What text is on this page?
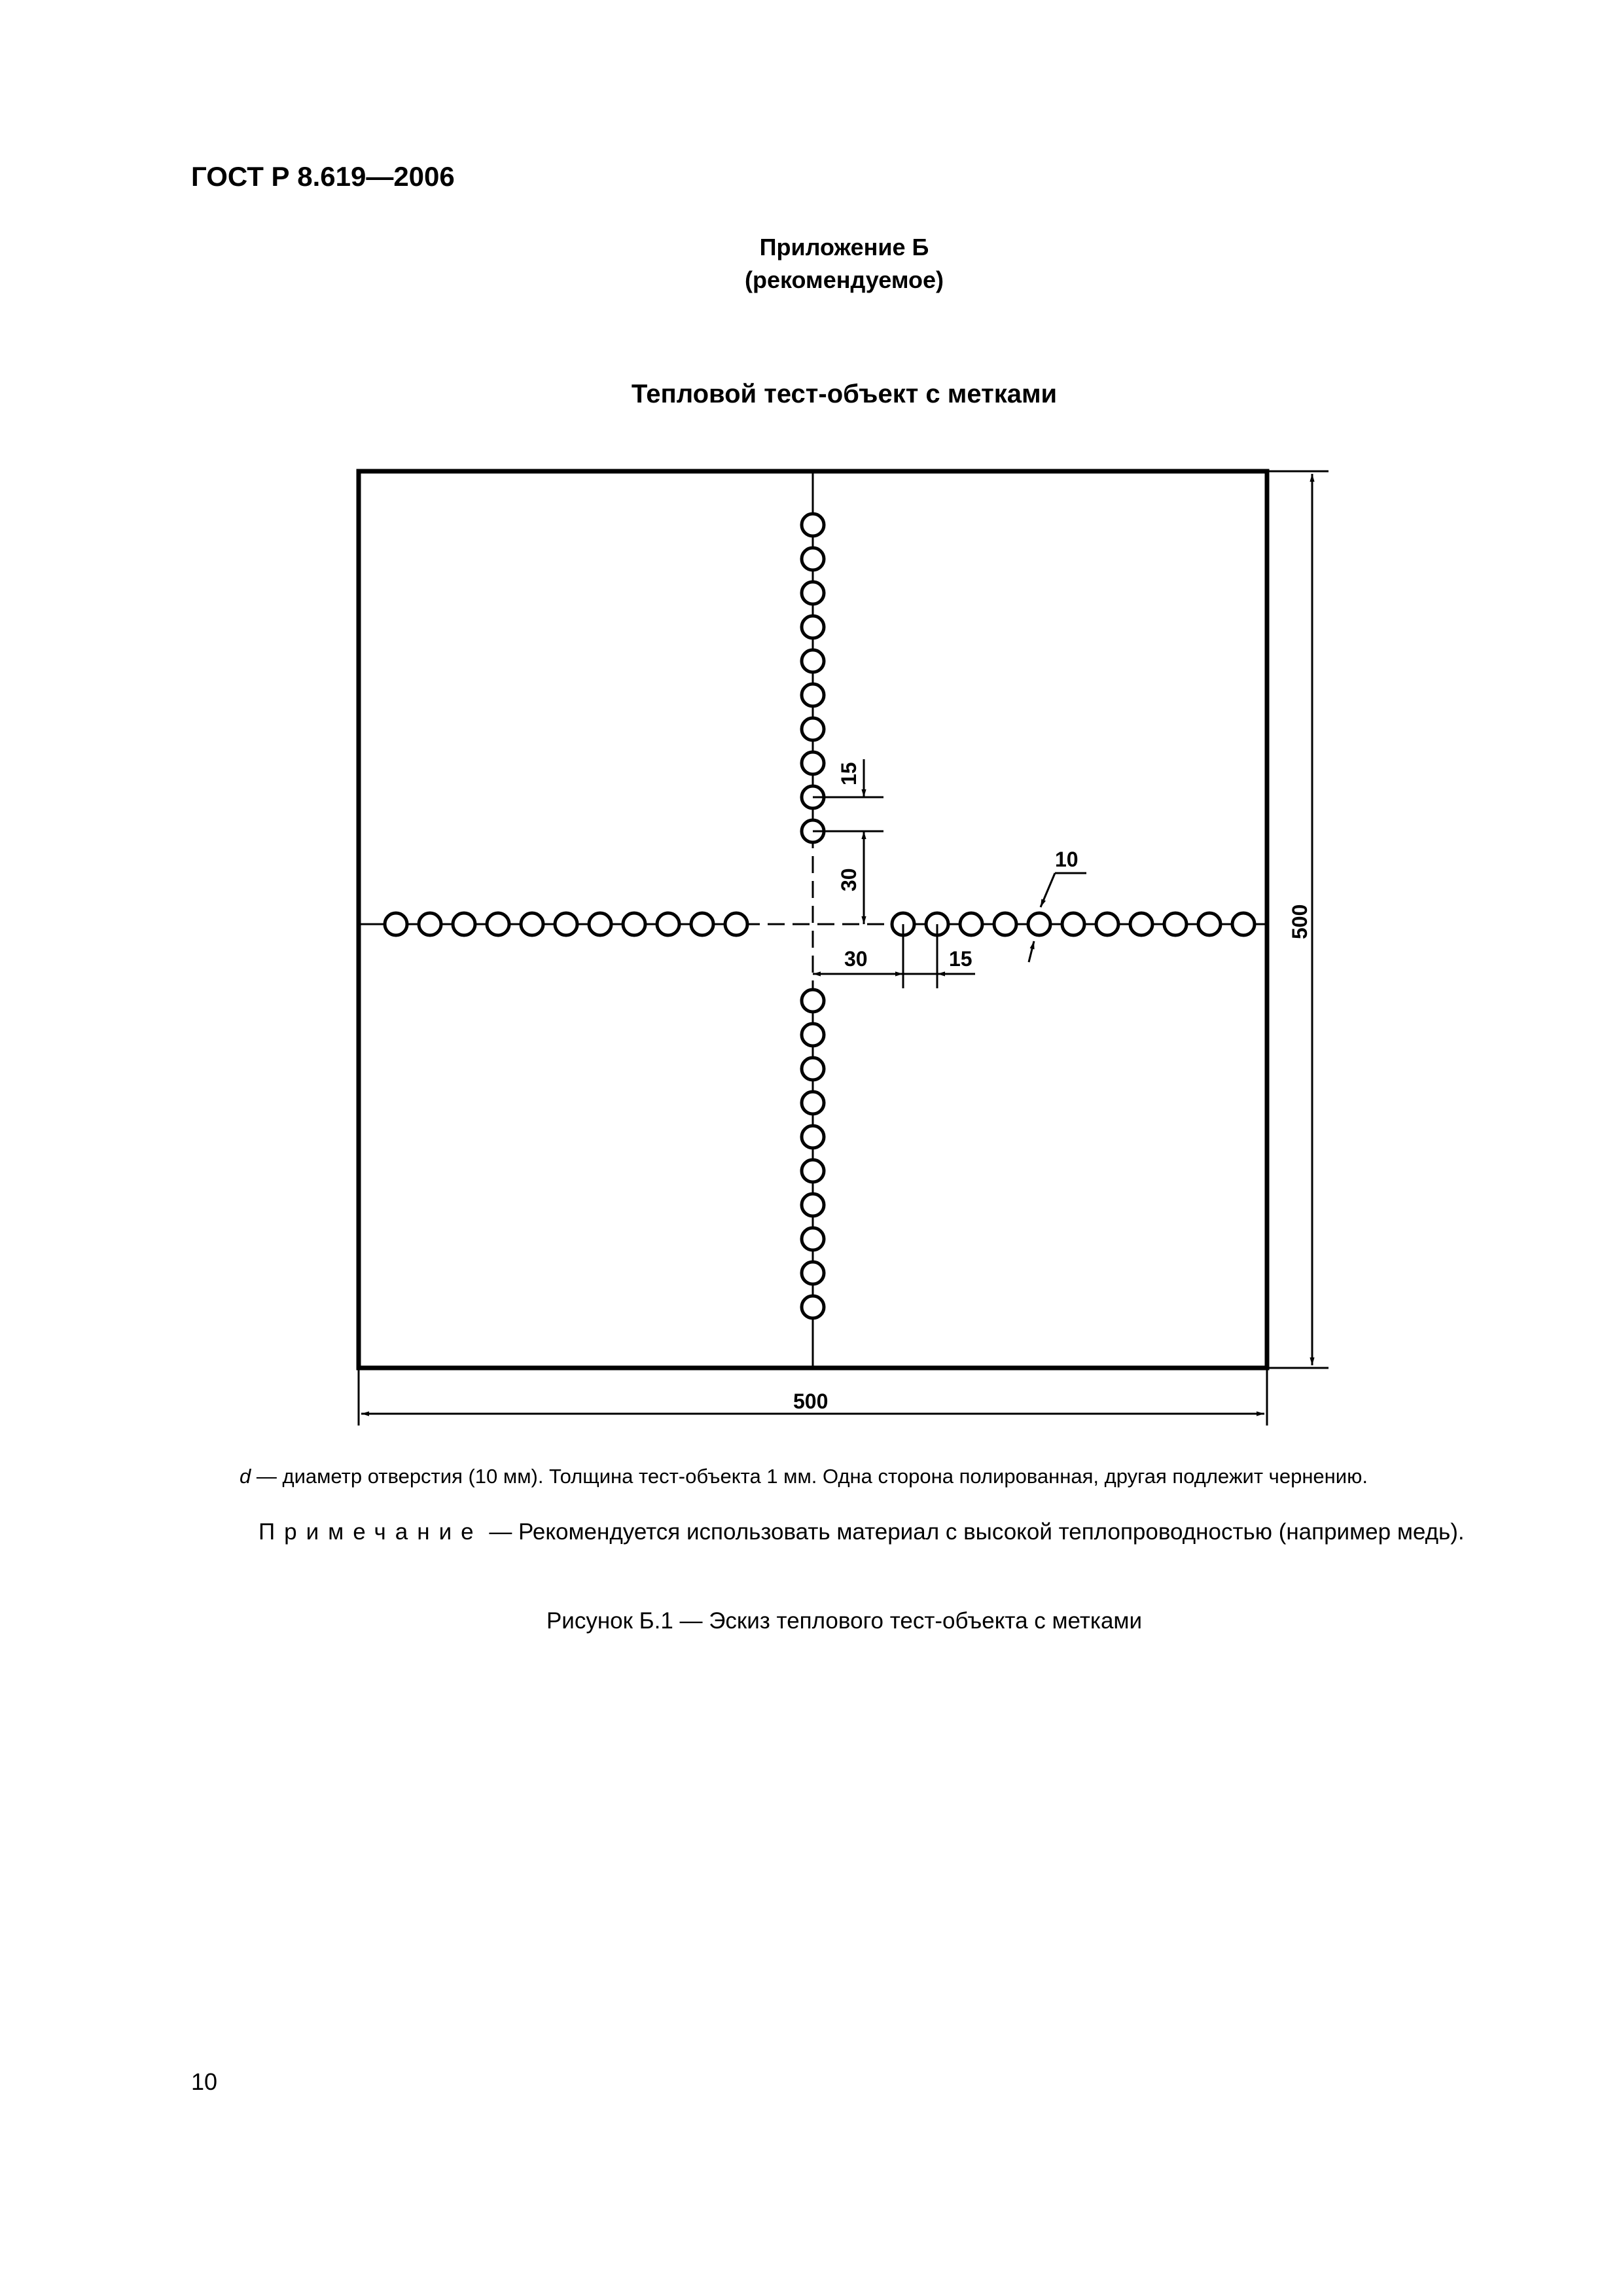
ГОСТ Р 8.619—2006
Приложение Б
(рекомендуемое)
Тепловой тест-объект с метками
15
30
30	15
10
500
500
d — диаметр отверстия (10 мм). Толщина тест-объекта 1 мм. Одна сторона полированная, другая подлежит чернению.
Примечание — Рекомендуется использовать материал с высокой теплопроводностью (например медь).
Рисунок Б.1 — Эскиз теплового тест-объекта с метками
10
